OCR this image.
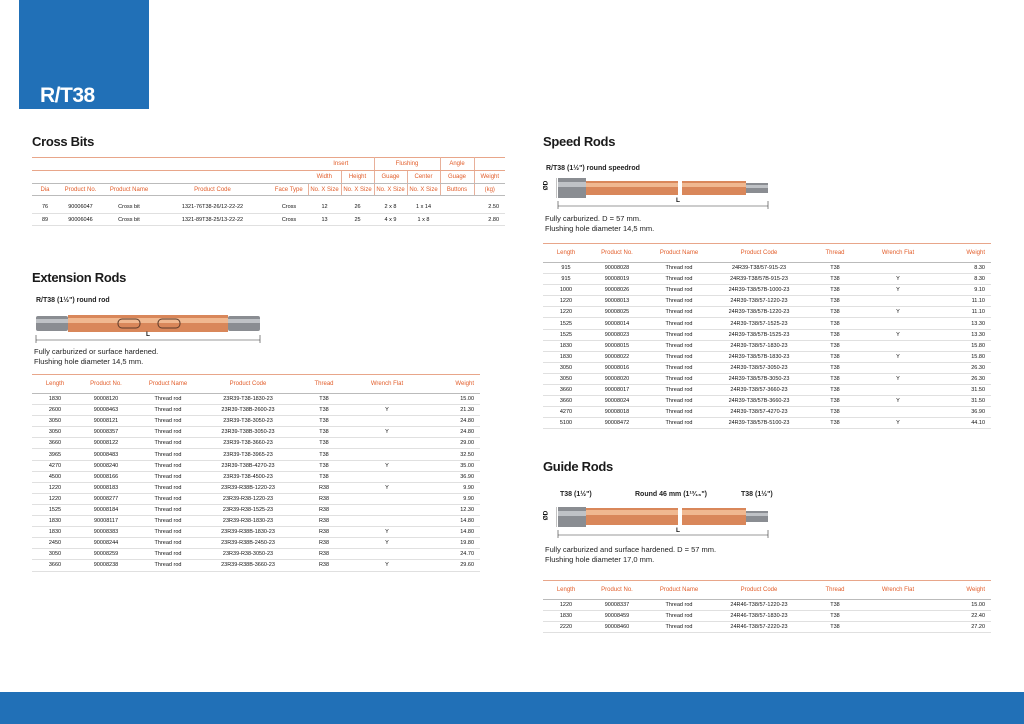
R/T38
Cross Bits
					Insert		Flushing		Angle	
					Width	Height	Guage	Center	Guage	Weight
Dia	Product No.	Product Name	Product Code	Face Type	No. X Size	No. X Size	No. X Size	No. X Size	Buttons	(kg)

76	90006047	Cross bit	1321-76T38-26/12-22-22	Cross	12	26	2 x 8	1 x 14		2.50
89	90006046	Cross bit	1321-89T38-25/13-22-22	Cross	13	25	4 x 9	1 x 8		2.80
Extension Rods
R/T38 (1½") round rod
L
Fully carburized or surface hardened.
Flushing hole diameter 14,5 mm.
Length	Product No.	Product Name	Product Code	Thread	Wrench Flat	Weight
1830	90008120	Thread rod	23R39-T38-1830-23	T38		15.00
2600	90008463	Thread rod	23R39-T38B-2600-23	T38	Y	21.30
3050	90008121	Thread rod	23R39-T38-3050-23	T38		24.80
3050	90008357	Thread rod	23R39-T38B-3050-23	T38	Y	24.80
3660	90008122	Thread rod	23R39-T38-3660-23	T38		29.00
3965	90008483	Thread rod	23R39-T38-3965-23	T38		32.50
4270	90008240	Thread rod	23R39-T38B-4270-23	T38	Y	35.00
4500	90008166	Thread rod	23R39-T38-4500-23	T38		36.90
1220	90008183	Thread rod	23R39-R38B-1220-23	R38	Y	9.90
1220	90008277	Thread rod	23R39-R38-1220-23	R38		9.90
1525	90008184	Thread rod	23R39-R38-1525-23	R38		12.30
1830	90008117	Thread rod	23R39-R38-1830-23	R38		14.80
1830	90008383	Thread rod	23R39-R38B-1830-23	R38	Y	14.80
2450	90008244	Thread rod	23R39-R38B-2450-23	R38	Y	19.80
3050	90008259	Thread rod	23R39-R38-3050-23	R38		24.70
3660	90008238	Thread rod	23R39-R38B-3660-23	R38	Y	29.60
Speed Rods
R/T38 (1½") round speedrod
ØD
L
Fully carburized. D = 57 mm.
Flushing hole diameter 14,5 mm.
Length	Product No.	Product Name	Product Code	Thread	Wrench Flat	Weight
915	90008028	Thread rod	24R39-T38/57-915-23	T38		8.30
915	90008019	Thread rod	24R39-T38/57B-915-23	T38	Y	8.30
1000	90008026	Thread rod	24R39-T38/57B-1000-23	T38	Y	9.10
1220	90008013	Thread rod	24R39-T38/57-1220-23	T38		11.10
1220	90008025	Thread rod	24R39-T38/57B-1220-23	T38	Y	11.10
1525	90008014	Thread rod	24R39-T38/57-1525-23	T38		13.30
1525	90008023	Thread rod	24R39-T38/57B-1525-23	T38	Y	13.30
1830	90008015	Thread rod	24R39-T38/57-1830-23	T38		15.80
1830	90008022	Thread rod	24R39-T38/57B-1830-23	T38	Y	15.80
3050	90008016	Thread rod	24R39-T38/57-3050-23	T38		26.30
3050	90008020	Thread rod	24R39-T38/57B-3050-23	T38	Y	26.30
3660	90008017	Thread rod	24R39-T38/57-3660-23	T38		31.50
3660	90008024	Thread rod	24R39-T38/57B-3660-23	T38	Y	31.50
4270	90008018	Thread rod	24R39-T38/57-4270-23	T38		36.90
5100	90008472	Thread rod	24R39-T38/57B-5100-23	T38	Y	44.10
Guide Rods
T38 (1½")	Round 46 mm (1¹³⁄₁₆")	T38 (1½")
ØD
L
Fully carburized and surface hardened. D = 57 mm.
Flushing hole diameter 17,0 mm.
Length	Product No.	Product Name	Product Code	Thread	Wrench Flat	Weight
1220	90008337	Thread rod	24R46-T38/57-1220-23	T38		15.00
1830	90008459	Thread rod	24R46-T38/57-1830-23	T38		22.40
2220	90008460	Thread rod	24R46-T38/57-2220-23	T38		27.20
